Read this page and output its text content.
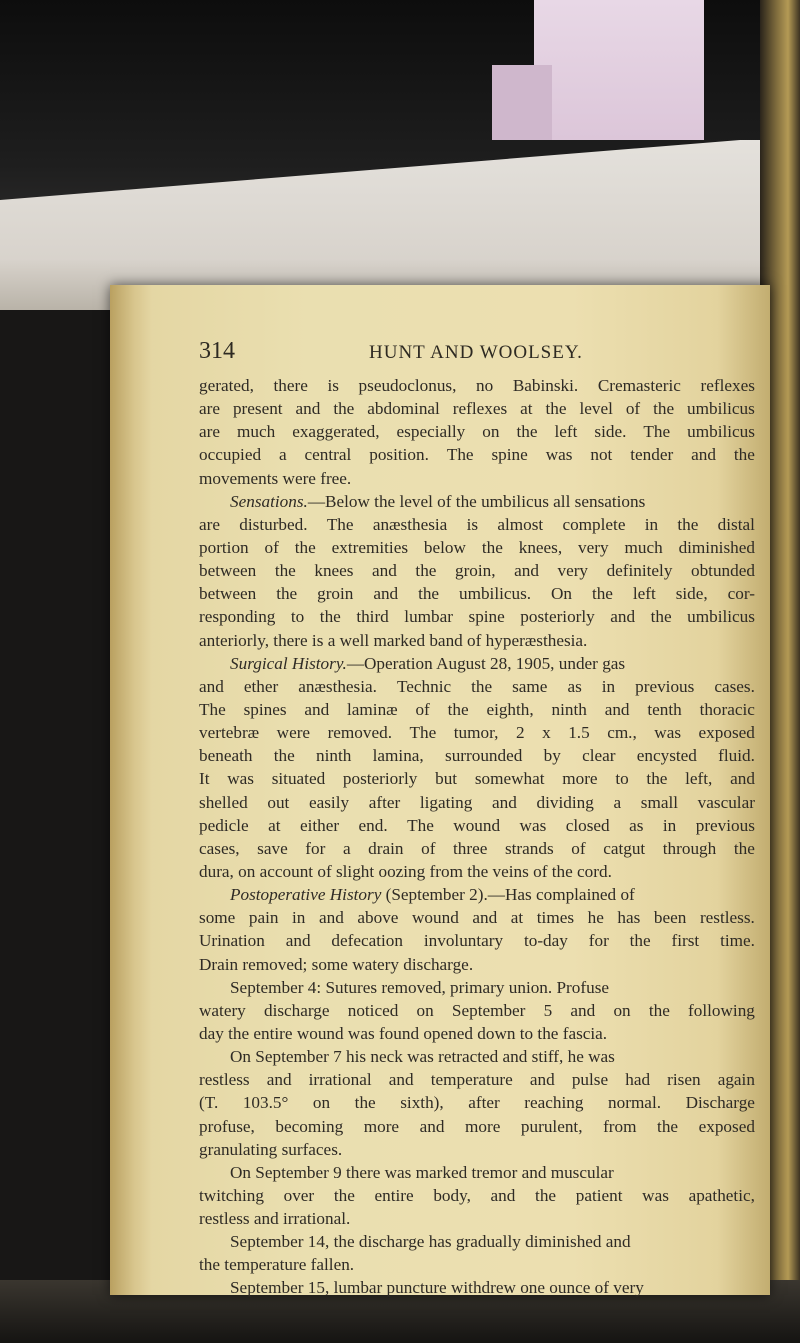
314	HUNT AND WOOLSEY.
gerated, there is pseudoclonus, no Babinski. Cremasteric reflexes
are present and the abdominal reflexes at the level of the umbilicus
are much exaggerated, especially on the left side. The umbilicus
occupied a central position. The spine was not tender and the
movements were free.
Sensations.—Below the level of the umbilicus all sensations
are disturbed. The anæsthesia is almost complete in the distal
portion of the extremities below the knees, very much diminished
between the knees and the groin, and very definitely obtunded
between the groin and the umbilicus. On the left side, cor-
responding to the third lumbar spine posteriorly and the umbilicus
anteriorly, there is a well marked band of hyperæsthesia.
Surgical History.—Operation August 28, 1905, under gas
and ether anæsthesia. Technic the same as in previous cases.
The spines and laminæ of the eighth, ninth and tenth thoracic
vertebræ were removed. The tumor, 2 x 1.5 cm., was exposed
beneath the ninth lamina, surrounded by clear encysted fluid.
It was situated posteriorly but somewhat more to the left, and
shelled out easily after ligating and dividing a small vascular
pedicle at either end. The wound was closed as in previous
cases, save for a drain of three strands of catgut through the
dura, on account of slight oozing from the veins of the cord.
Postoperative History (September 2).—Has complained of
some pain in and above wound and at times he has been restless.
Urination and defecation involuntary to-day for the first time.
Drain removed; some watery discharge.
September 4: Sutures removed, primary union. Profuse
watery discharge noticed on September 5 and on the following
day the entire wound was found opened down to the fascia.
On September 7 his neck was retracted and stiff, he was
restless and irrational and temperature and pulse had risen again
(T. 103.5° on the sixth), after reaching normal. Discharge
profuse, becoming more and more purulent, from the exposed
granulating surfaces.
On September 9 there was marked tremor and muscular
twitching over the entire body, and the patient was apathetic,
restless and irrational.
September 14, the discharge has gradually diminished and
the temperature fallen.
September 15, lumbar puncture withdrew one ounce of very
